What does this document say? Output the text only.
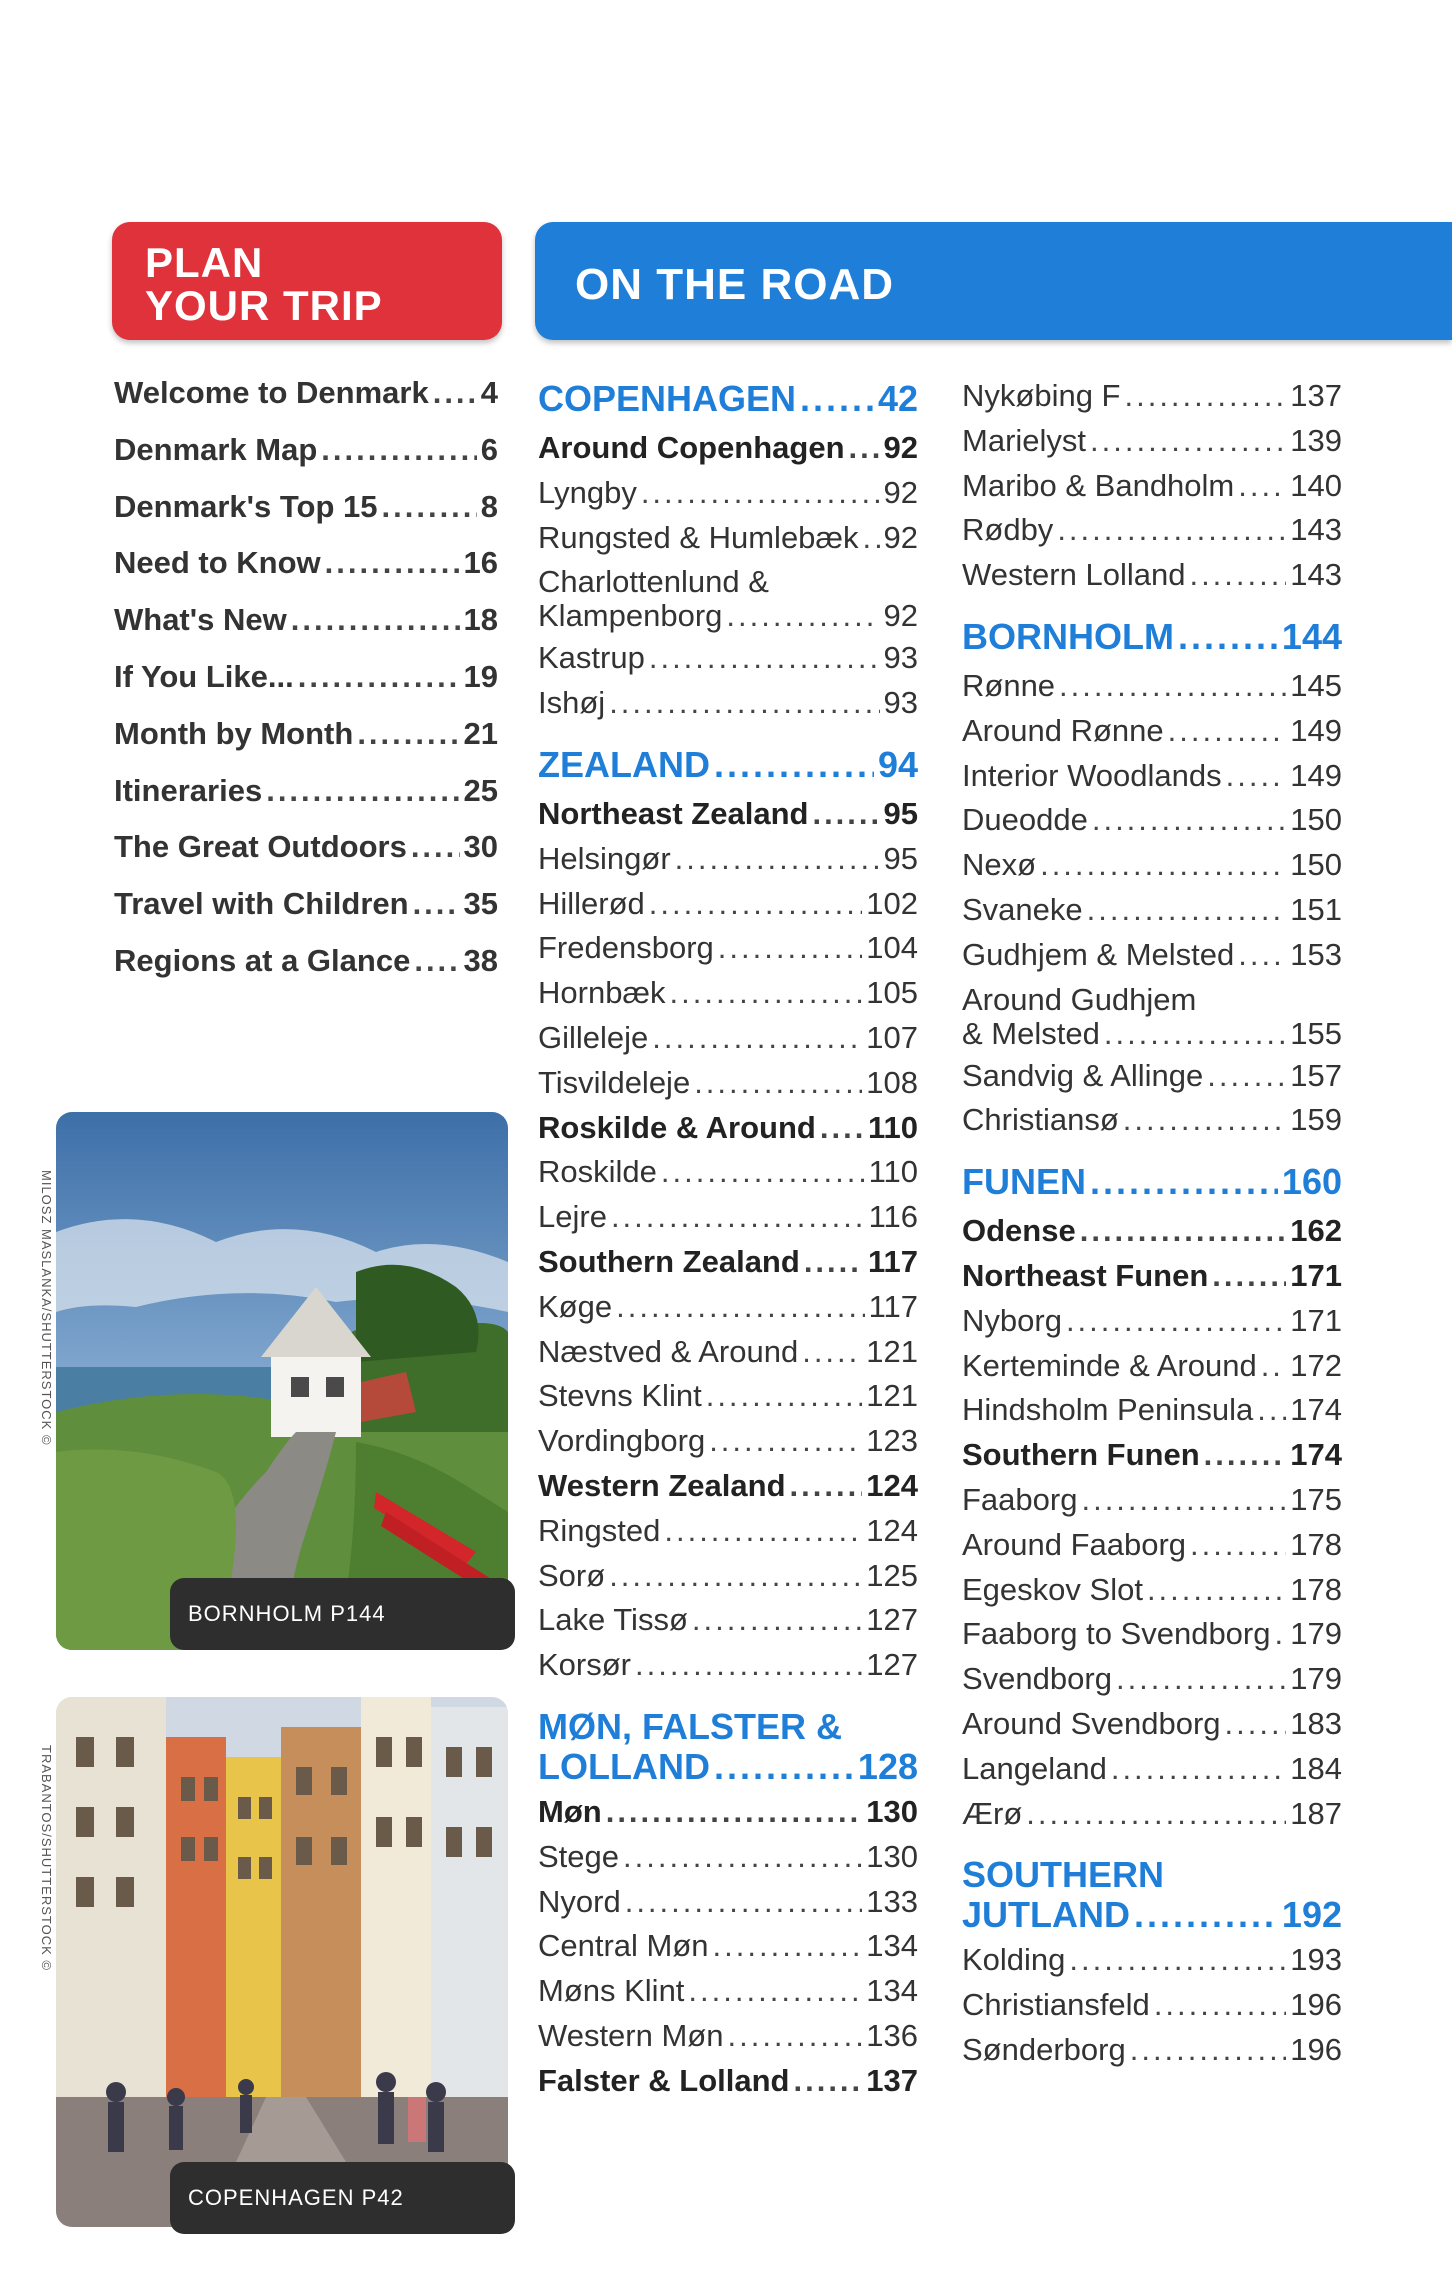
PLAN
YOUR TRIP	ON THE ROAD
Welcome to Denmark ..... 4
Denmark Map .....	6
Denmark's Top 15 .....	8
Need to Know .....	16
What's New .....	18
If You Like... .....	19
Month by Month .....	21
Itineraries .....	25
The Great Outdoors ..... 30
Travel with Children ..... 35
Regions at a Glance ..... 38
COPENHAGEN ..... 42
Around Copenhagen ..... 92
Lyngby .....	92
Rungsted & Humlebæk ..... 92
Charlottenlund &
Klampenborg .....	92
Kastrup .....	93
Ishøj .....	93
ZEALAND .....	94
Northeast Zealand ..... 95
Helsingør .....	95
Hillerød .....	102
Fredensborg .....	104
Hornbæk .....	105
Gilleleje .....	107
Tisvildeleje .....	108
Roskilde & Around ..... 110
Roskilde .....	110
Lejre .....	116
Southern Zealand ..... 117
Køge .....	117
Næstved & Around ..... 121
Stevns Klint .....	121
Vordingborg .....	123
Western Zealand .....	124
Ringsted .....	124
Sorø .....	125
Lake Tissø .....	127
Korsør .....	127
MØN, FALSTER &
LOLLAND .....	128
Møn .....	130
Stege .....	130
Nyord .....	133
Central Møn .....	134
Møns Klint .....	134
Western Møn .....	136
Falster & Lolland ..... 137
Nykøbing F .....	137
Marielyst .....	139
Maribo & Bandholm ..... 140
Rødby .....	143
Western Lolland .....	143
BORNHOLM .....	144
Rønne .....	145
Around Rønne .....	149
Interior Woodlands ..... 149
Dueodde .....	150
Nexø .....	150
Svaneke .....	151
Gudhjem & Melsted ..... 153
Around Gudhjem
& Melsted .....	155
Sandvig & Allinge .....	157
Christiansø .....	159
FUNEN .....	160
Odense .....	162
Northeast Funen .....	171
Nyborg .....	171
Kerteminde & Around ..... 172
Hindsholm Peninsula ..... 174
Southern Funen .....	174
Faaborg .....	175
Around Faaborg .....	178
Egeskov Slot .....	178
Faaborg to Svendborg ..... 179
Svendborg .....	179
Around Svendborg ..... 183
Langeland .....	184
Ærø .....	187
SOUTHERN
JUTLAND .....	192
Kolding .....	193
Christiansfeld .....	196
Sønderborg .....	196
BORNHOLM P144
MILOSZ MASLANKA/SHUTTERSTOCK ©
COPENHAGEN P42
TRABANTOS/SHUTTERSTOCK ©
